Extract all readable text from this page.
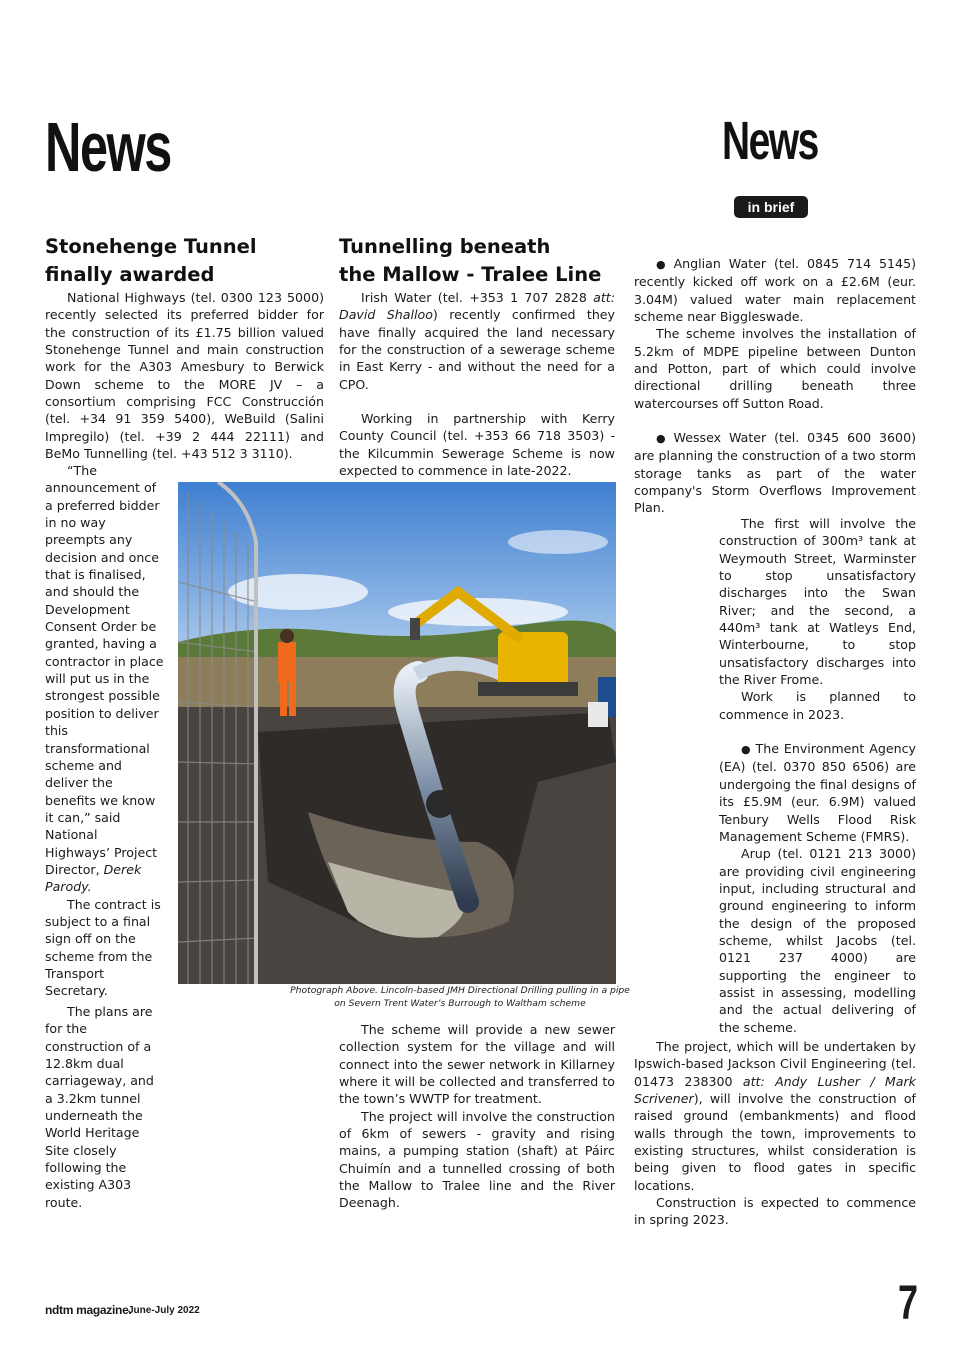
News	News
in brief
Stonehenge Tunnel
finally awarded

National Highways (tel. 0300 123 5000) recently selected its preferred bidder for the construction of its £1.75 billion valued Stonehenge Tunnel and main construction work for the A303 Amesbury to Berwick Down scheme to the MORE JV – a consortium comprising FCC Construcción (tel. +34 91 359 5400), WeBuild (Salini Impregilo) (tel. +39 2 444 22111) and BeMo Tunnelling (tel. +43 512 3 3110).

“The announcement of a preferred bidder in no way preempts any decision and once that is finalised, and should the Development Consent Order be granted, having a contractor in place will put us in the strongest possible position to deliver this transformational scheme and deliver the benefits we know it can,” said National Highways’ Project Director, Derek Parody.

The contract is subject to a final sign off on the scheme from the Transport Secretary.

The plans are for the construction of a 12.8km dual carriageway, and a 3.2km tunnel underneath the World Heritage Site closely following the existing A303 route.

Tunnelling beneath
the Mallow - Tralee Line

Irish Water (tel. +353 1 707 2828 att: David Shalloo) recently confirmed they have finally acquired the land necessary for the construction of a sewerage scheme in East Kerry - and without the need for a CPO.

Working in partnership with Kerry County Council (tel. +353 66 718 3503) - the Kilcummin Sewerage Scheme is now expected to commence in late-2022.

The scheme will provide a new sewer collection system for the village and will connect into the sewer network in Killarney where it will be collected and transferred to the town’s WWTP for treatment.

The project will involve the construction of 6km of sewers - gravity and rising mains, a pumping station (shaft) at Páirc Chuimín and a tunnelled crossing of both the Mallow to Tralee line and the River Deenagh.

Photograph Above. Lincoln-based JMH Directional Drilling pulling in a pipe
on Severn Trent Water’s Burrough to Waltham scheme

● Anglian Water (tel. 0845 714 5145) recently kicked off work on a £2.6M (eur. 3.04M) valued water main replacement scheme near Biggleswade.

The scheme involves the installation of 5.2km of MDPE pipeline between Dunton and Potton, part of which could involve directional drilling beneath three watercourses off Sutton Road.

● Wessex Water (tel. 0345 600 3600) are planning the construction of a two storm storage tanks as part of the water company's Storm Overflows Improvement Plan.

The first will involve the construction of 300m³ tank at Weymouth Street, Warminster to stop unsatisfactory discharges into the Swan River; and the second, a 440m³ tank at Watleys End, Winterbourne, to stop unsatisfactory discharges into the River Frome.

Work is planned to commence in 2023.

● The Environment Agency (EA) (tel. 0370 850 6506) are undergoing the final designs of its £5.9M (eur. 6.9M) valued Tenbury Wells Flood Risk Management Scheme (FMRS).

Arup (tel. 0121 213 3000) are providing civil engineering input, including structural and ground engineering to inform the design of the proposed scheme, whilst Jacobs (tel. 0121 237 4000) are supporting the engineer to assist in assessing, modelling and the actual delivering of the scheme.

The project, which will be undertaken by Ipswich-based Jackson Civil Engineering (tel. 01473 238300 att: Andy Lusher / Mark Scrivener), will involve the construction of raised ground (embankments) and flood walls through the town, improvements to existing structures, whilst consideration is being given to flood gates in specific locations.

Construction is expected to commence in spring 2023.

ndtm magazine.
June-July 2022	7
